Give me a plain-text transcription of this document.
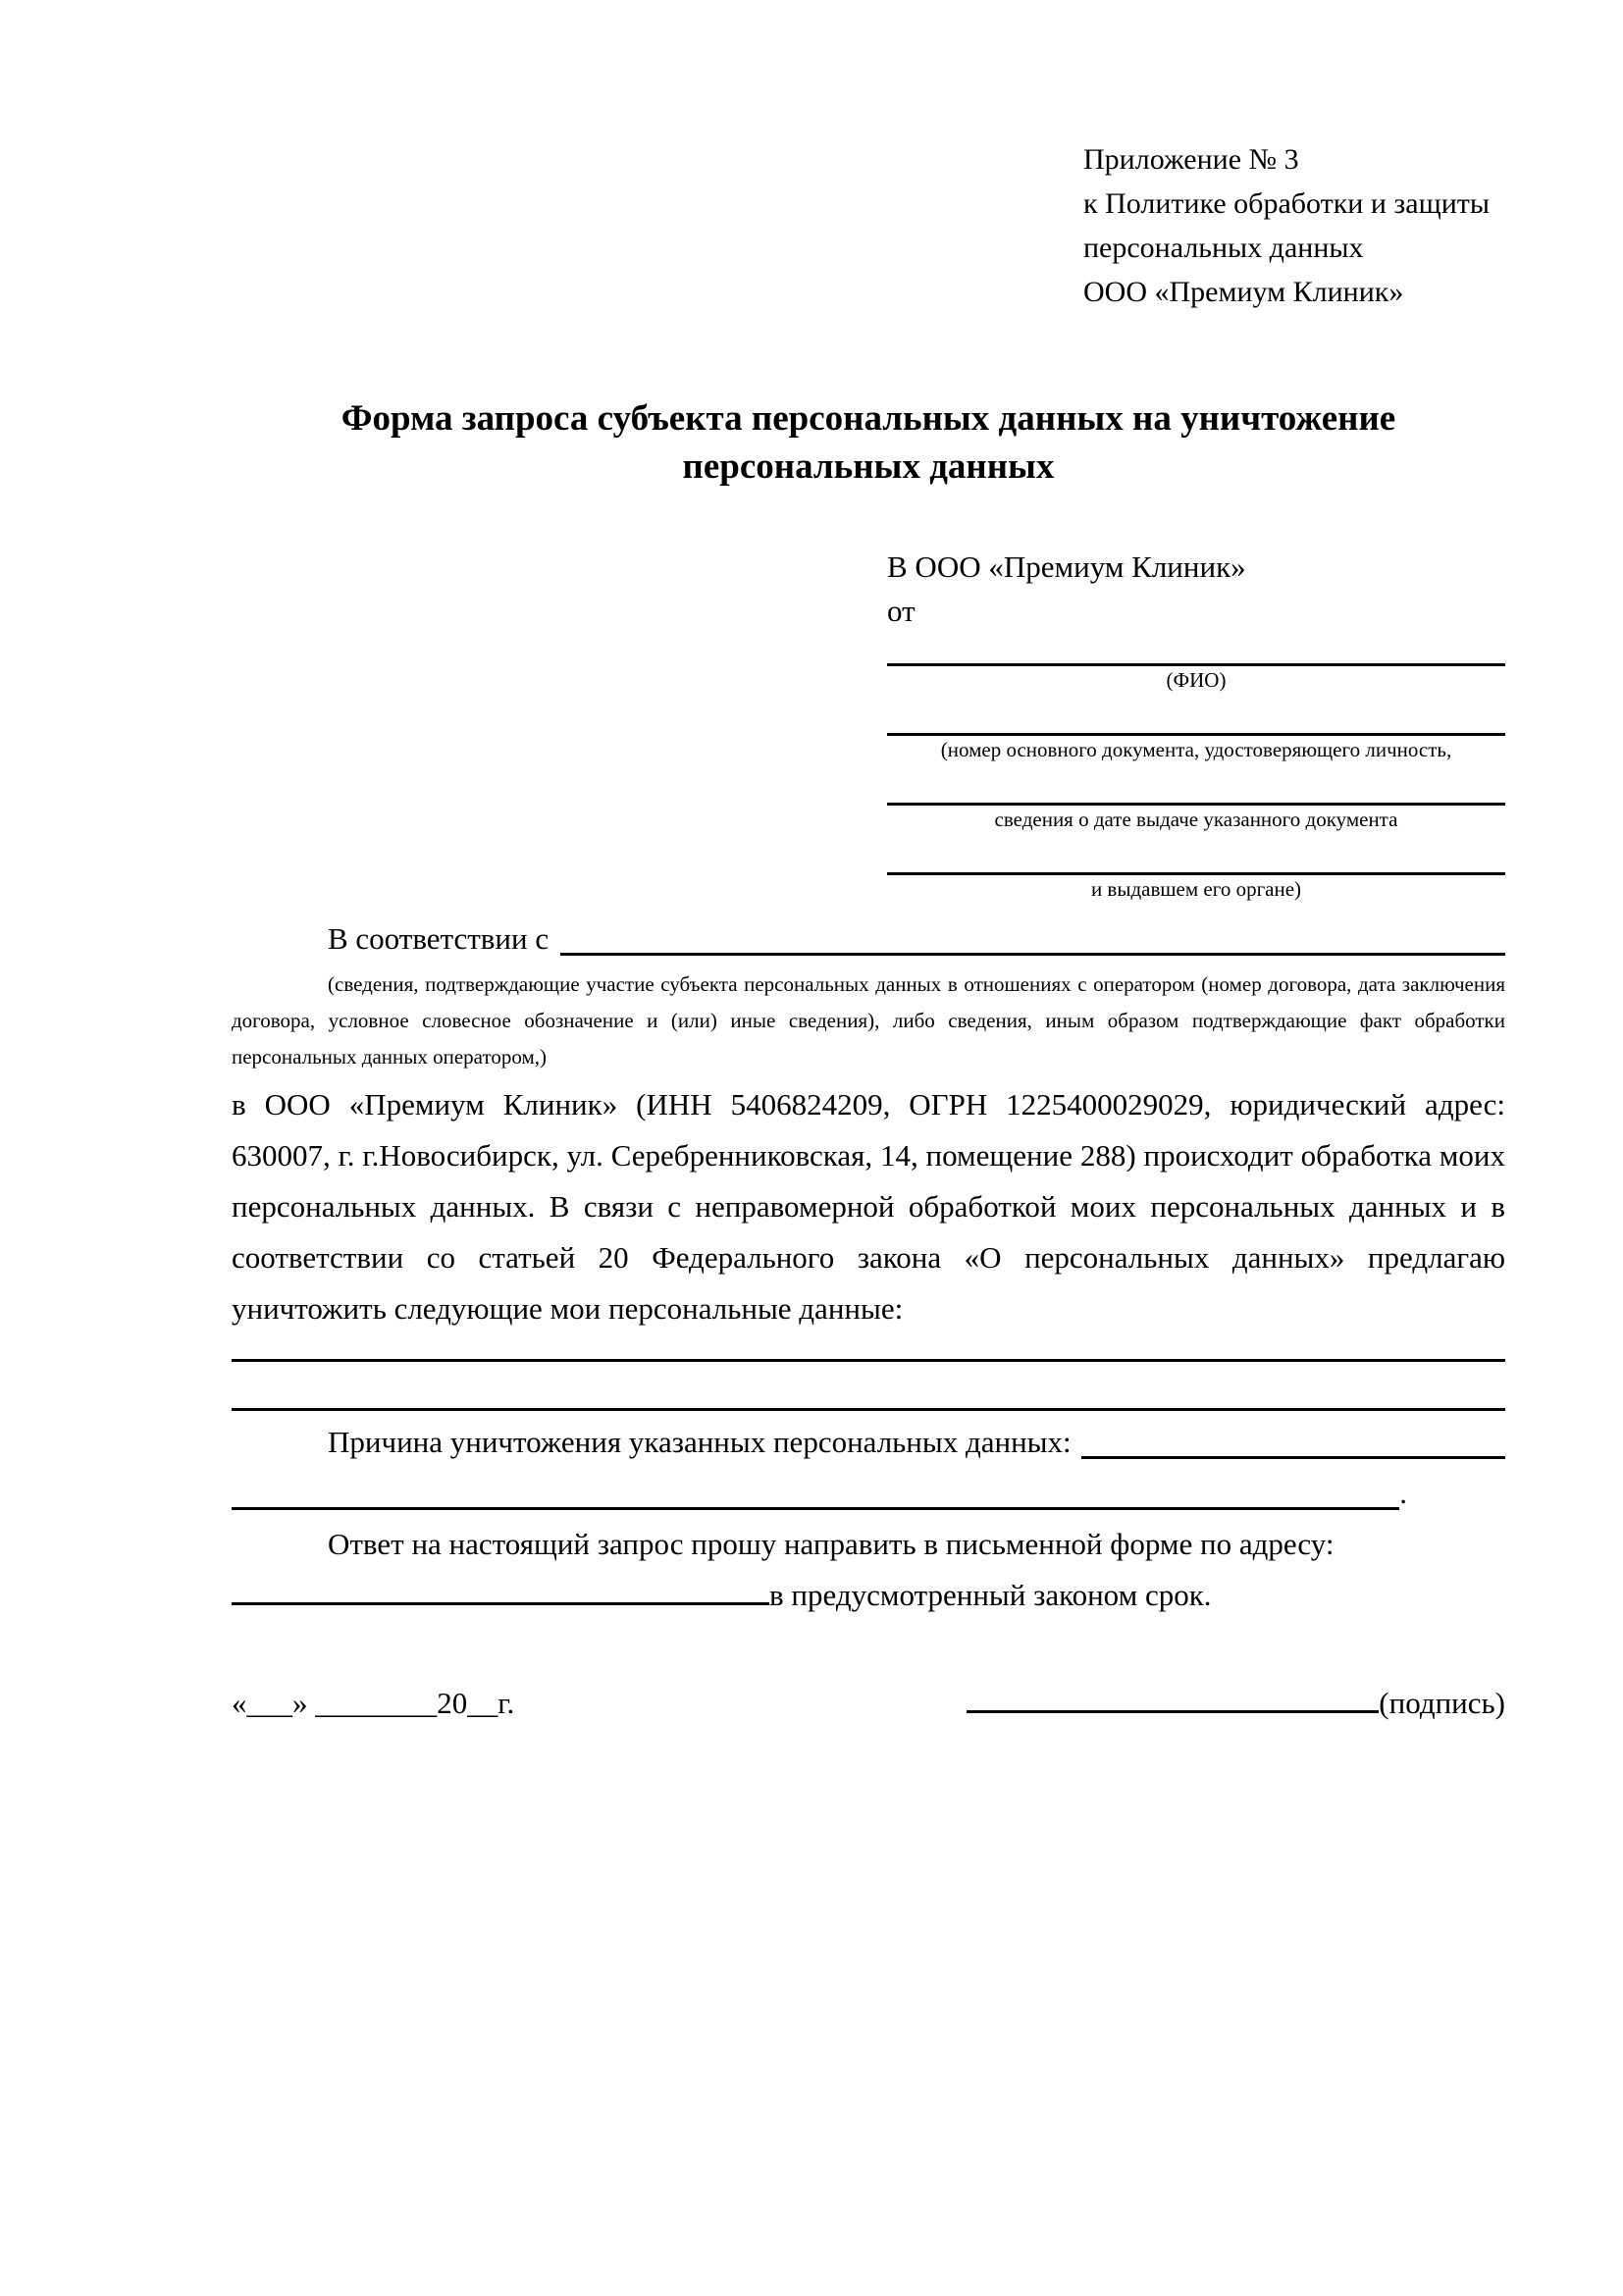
Приложение № 3
к Политике обработки и защиты
персональных данных
ООО «Премиум Клиник»
Форма запроса субъекта персональных данных на уничтожение
персональных данных
В ООО «Премиум Клиник»
от
(ФИО)
(номер основного документа, удостоверяющего личность,
сведения о дате выдаче указанного документа
и выдавшем его органе)
В соответствии с

(сведения, подтверждающие участие субъекта персональных данных в отношениях с оператором (номер договора, дата заключения договора, условное словесное обозначение и (или) иные сведения), либо сведения, иным образом подтверждающие факт обработки персональных данных оператором,)

в ООО «Премиум Клиник» (ИНН 5406824209, ОГРН 1225400029029, юридический адрес: 630007, г. г.Новосибирск, ул. Серебренниковская, 14, помещение 288) происходит обработка моих персональных данных. В связи с неправомерной обработкой моих персональных данных и в соответствии со статьей 20 Федерального закона «О персональных данных» предлагаю уничтожить следующие мои персональные данные:

Причина уничтожения указанных персональных данных:
.

Ответ на настоящий запрос прошу направить в письменной форме по адресу:

в предусмотренный законом срок.
«___» ________20__г.	(подпись)
